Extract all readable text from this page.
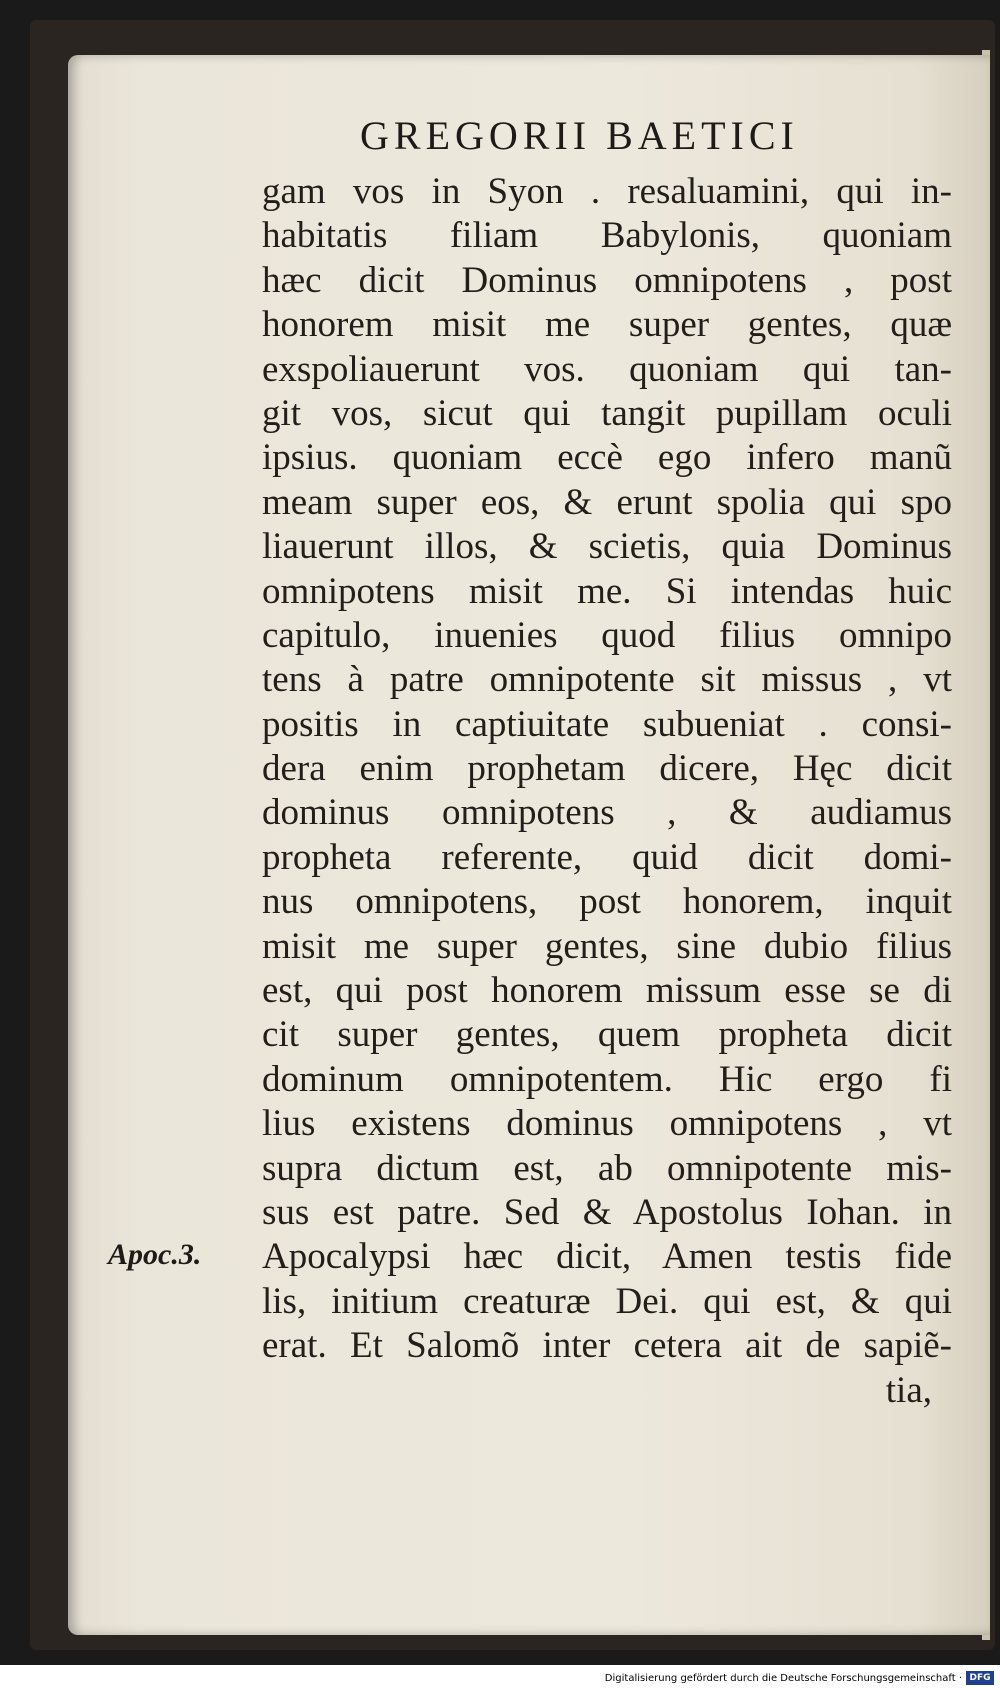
GREGORII BAETICI
gam vos in Syon . resaluamini, qui in-
habitatis filiam Babylonis, quoniam
hæc dicit Dominus omnipotens , post
honorem misit me super gentes, quæ
exspoliauerunt vos. quoniam qui tan-
git vos, sicut qui tangit pupillam oculi
ipsius. quoniam eccè ego infero manũ
meam super eos, & erunt spolia qui spo
liauerunt illos, & scietis, quia Dominus
omnipotens misit me. Si intendas huic
capitulo, inuenies quod filius omnipo
tens à patre omnipotente sit missus , vt
positis in captiuitate subueniat . consi-
dera enim prophetam dicere, Hęc dicit
dominus omnipotens , & audiamus
propheta referente, quid dicit domi-
nus omnipotens, post honorem, inquit
misit me super gentes, sine dubio filius
est, qui post honorem missum esse se di
cit super gentes, quem propheta dicit
dominum omnipotentem. Hic ergo fi
lius existens dominus omnipotens , vt
supra dictum est, ab omnipotente mis-
sus est patre. Sed & Apostolus Iohan. in
Apocalypsi hæc dicit, Amen testis fide
lis, initium creaturæ Dei. qui est, & qui
erat. Et Salomõ inter cetera ait de sapiẽ-
tia,
Apoc.3.
Digitalisierung gefördert durch die Deutsche Forschungsgemeinschaft · DFG
